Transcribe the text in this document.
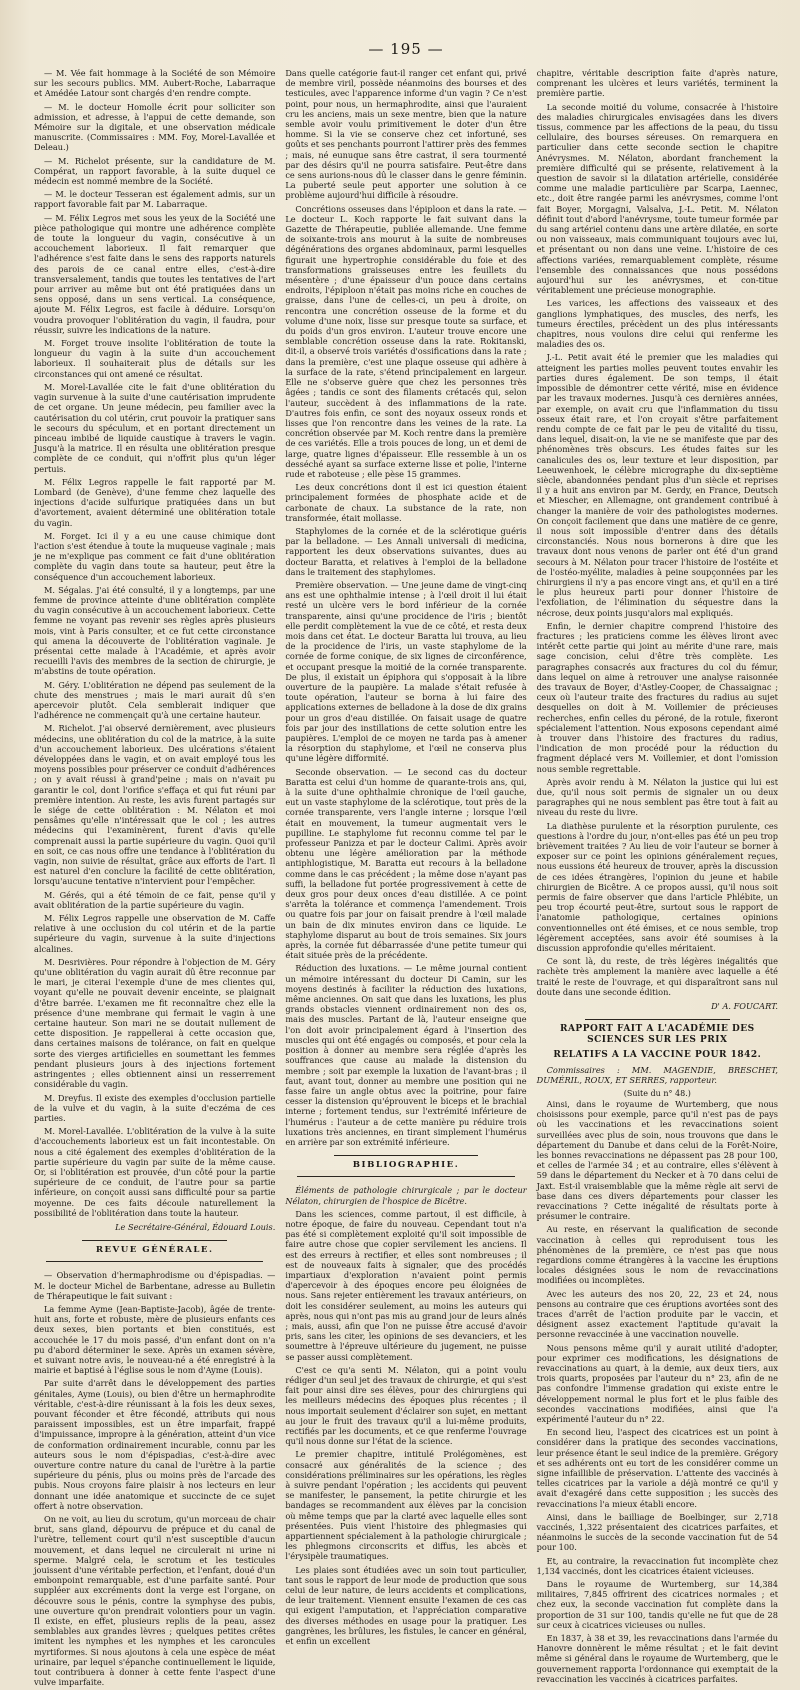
— 195 —

— M. Vée fait hommage à la Société de son Mémoire sur les secours publics. MM. Aubert-Roche, Labarraque et Amédée Latour sont chargés d'en rendre compte.

— M. le docteur Homolle écrit pour solliciter son admission, et adresse, à l'appui de cette demande, son Mémoire sur la digitale, et une observation médicale manuscrite. (Commissaires : MM. Foy, Morel-Lavallée et Deleau.)

— M. Richelot présente, sur la candidature de M. Compérat, un rapport favorable, à la suite duquel ce médecin est nommé membre de la Société.

— M. le docteur Tesseran est également admis, sur un rapport favorable fait par M. Labarraque.

— M. Félix Legros met sous les yeux de la Société une pièce pathologique qui montre une adhérence complète de toute la longueur du vagin, consécutive à un accouchement laborieux. Il fait remarquer que l'adhérence s'est faite dans le sens des rapports naturels des parois de ce canal entre elles, c'est-à-dire transversalement, tandis que toutes les tentatives de l'art pour arriver au même but ont été pratiquées dans un sens opposé, dans un sens vertical. La conséquence, ajoute M. Félix Legros, est facile à déduire. Lorsqu'on voudra provoquer l'oblitération du vagin, il faudra, pour réussir, suivre les indications de la nature.

M. Forget trouve insolite l'oblitération de toute la longueur du vagin à la suite d'un accouchement laborieux. Il souhaiterait plus de détails sur les circonstances qui ont amené ce résultat.

M. Morel-Lavallée cite le fait d'une oblitération du vagin survenue à la suite d'une cautérisation imprudente de cet organe. Un jeune médecin, peu familier avec la cautérisation du col utérin, crut pouvoir la pratiquer sans le secours du spéculum, et en portant directement un pinceau imbibé de liquide caustique à travers le vagin. Jusqu'à la matrice. Il en résulta une oblitération presque complète de ce conduit, qui n'offrit plus qu'un léger pertuis.

M. Félix Legros rappelle le fait rapporté par M. Lombard (de Genève), d'une femme chez laquelle des injections d'acide sulfurique pratiquées dans un but d'avortement, avaient déterminé une oblitération totale du vagin.

M. Forget. Ici il y a eu une cause chimique dont l'action s'est étendue à toute la muqueuse vaginale ; mais je ne m'explique pas comment ce fait d'une oblitération complète du vagin dans toute sa hauteur, peut être la conséquence d'un accouchement laborieux.

M. Ségalas. J'ai été consulté, il y a longtemps, par une femme de province atteinte d'une oblitération complète du vagin consécutive à un accouchement laborieux. Cette femme ne voyant pas revenir ses règles après plusieurs mois, vint à Paris consulter, et ce fut cette circonstance qui amena la découverte de l'oblitération vaginale. Je présentai cette malade à l'Académie, et après avoir recueilli l'avis des membres de la section de chirurgie, je m'abstins de toute opération.

M. Géry. L'oblitération ne dépend pas seulement de la chute des menstrues ; mais le mari aurait dû s'en apercevoir plutôt. Cela semblerait indiquer que l'adhérence ne commençait qu'à une certaine hauteur.

M. Richelot. J'ai observé dernièrement, avec plusieurs médecins, une oblitération du col de la matrice, à la suite d'un accouchement laborieux. Des ulcérations s'étaient développées dans le vagin, et on avait employé tous les moyens possibles pour préserver ce conduit d'adhérences ; on y avait réussi à grand'peine ; mais on n'avait pu garantir le col, dont l'orifice s'effaça et qui fut réuni par première intention. Au reste, les avis furent partagés sur le siége de cette oblitération : M. Nélaton et moi pensâmes qu'elle n'intéressait que le col ; les autres médecins qui l'examinèrent, furent d'avis qu'elle comprenait aussi la partie supérieure du vagin. Quoi qu'il en soit, ce cas nous offre une tendance à l'oblitération du vagin, non suivie de résultat, grâce aux efforts de l'art. Il est naturel d'en conclure la facilité de cette oblitération, lorsqu'aucune tentative n'intervient pour l'empêcher.

M. Gérés, qui a été témoin de ce fait, pense qu'il y avait oblitération de la partie supérieure du vagin.

M. Félix Legros rappelle une observation de M. Caffe relative à une occlusion du col utérin et de la partie supérieure du vagin, survenue à la suite d'injections alcalines.

M. Desrivières. Pour répondre à l'objection de M. Géry qu'une oblitération du vagin aurait dû être reconnue par le mari, je citerai l'exemple d'une de mes clientes qui, voyant qu'elle ne pouvait devenir enceinte, se plaignait d'être barrée. L'examen me fit reconnaître chez elle la présence d'une membrane qui fermait le vagin à une certaine hauteur. Son mari ne se doutait nullement de cette disposition. Je rappellerai à cette occasion que, dans certaines maisons de tolérance, on fait en quelque sorte des vierges artificielles en soumettant les femmes pendant plusieurs jours à des injections fortement astringentes ; elles obtiennent ainsi un resserrement considérable du vagin.

M. Dreyfus. Il existe des exemples d'occlusion partielle de la vulve et du vagin, à la suite d'eczéma de ces parties.

M. Morel-Lavallée. L'oblitération de la vulve à la suite d'accouchements laborieux est un fait incontestable. On nous a cité également des exemples d'oblitération de la partie supérieure du vagin par suite de la même cause. Or, si l'oblitération est prouvée, d'un côté pour la partie supérieure de ce conduit, de l'autre pour sa partie inférieure, on conçoit aussi sans difficulté pour sa partie moyenne. De ces faits découle naturellement la possibilité de l'oblitération dans toute la hauteur.

Le Secrétaire-Général, Édouard Louis.
REVUE GÉNÉRALE.

— Observation d'hermaphrodisme ou d'épispadias. — M. le docteur Michel de Barbentane, adresse au Bulletin de Thérapeutique le fait suivant :

La femme Ayme (Jean-Baptiste-Jacob), âgée de trente-huit ans, forte et robuste, mère de plusieurs enfants ces deux sexes, bien portants et bien constitués, est accouchée le 17 du mois passé, d'un enfant dont on n'a pu d'abord déterminer le sexe. Après un examen sévère, et suivant notre avis, le nouveau-né a été enregistré à la mairie et baptisé à l'église sous le nom d'Ayme (Louis).

Par suite d'arrêt dans le développement des parties génitales, Ayme (Louis), ou bien d'être un hermaphrodite véritable, c'est-à-dire réunissant à la fois les deux sexes, pouvant féconder et être fécondé, attributs qui nous paraissent impossibles, est un être imparfait, frappé d'impuissance, impropre à la génération, atteint d'un vice de conformation ordinairement incurable, connu par les auteurs sous le nom d'épispadias, c'est-à-dire avec ouverture contre nature du canal de l'urètre à la partie supérieure du pénis, plus ou moins près de l'arcade des pubis. Nous croyons faire plaisir à nos lecteurs en leur donnant une idée anatomique et succincte de ce sujet offert à notre observation.

On ne voit, au lieu du scrotum, qu'un morceau de chair brut, sans gland, dépourvu de prépuce et du canal de l'urètre, tellement court qu'il n'est susceptible d'aucun mouvement, et dans lequel ne circulerait ni urine ni sperme. Malgré cela, le scrotum et les testicules jouissent d'une véritable perfection, et l'enfant, doué d'un embonpoint remarquable, est d'une parfaite santé. Pour suppléer aux excréments dont la verge est l'organe, on découvre sous le pénis, contre la symphyse des pubis, une ouverture qu'on prendrait volontiers pour un vagin. Il existe, en effet, plusieurs replis de la peau, assez semblables aux grandes lèvres ; quelques petites crêtes imitent les nymphes et les nymphes et les caroncules myrtiformes. Si nous ajoutons à cela une espèce de méat urinaire, par lequel s'épanche continuellement le liquide, tout contribuera à donner à cette fente l'aspect d'une vulve imparfaite.

Dans quelle catégorie faut-il ranger cet enfant qui, privé de membre viril, possède néanmoins des bourses et des testicules, avec l'apparence informe d'un vagin ? Ce n'est point, pour nous, un hermaphrodite, ainsi que l'auraient cru les anciens, mais un sexe mentre, bien que la nature semble avoir voulu primitivement le doter d'un être homme. Si la vie se conserve chez cet infortuné, ses goûts et ses penchants pourront l'attirer près des femmes ; mais, né eunuque sans être castrat, il sera tourmenté par des désirs qu'il ne pourra satisfaire. Peut-être dans ce sens aurions-nous dû le classer dans le genre féminin. La puberté seule peut apporter une solution à ce problème aujourd'hui difficile à résoudre.

Concrétions osseuses dans l'épiploon et dans la rate. — Le docteur L. Koch rapporte le fait suivant dans la Gazette de Thérapeutie, publiée allemande. Une femme de soixante-trois ans mourut à la suite de nombreuses dégénérations des organes abdominaux, parmi lesquelles figurait une hypertrophie considérable du foie et des transformations graisseuses entre les feuillets du mésentère ; d'une épaisseur d'un pouce dans certains endroits, l'épiploon n'était pas moins riche en couches de graisse, dans l'une de celles-ci, un peu à droite, on rencontra une concrétion osseuse de la forme et du volume d'une noix, lisse sur presque toute sa surface, et du poids d'un gros environ. L'auteur trouve encore une semblable concrétion osseuse dans la rate. Rokitanski, dit-il, a observé trois variétés d'ossifications dans la rate ; dans la première, c'est une plaque osseuse qui adhère à la surface de la rate, s'étend principalement en largeur. Elle ne s'observe guère que chez les personnes très âgées ; tandis ce sont des filaments crétacés qui, selon l'auteur, succèdent à des inflammations de la rate. D'autres fois enfin, ce sont des noyaux osseux ronds et lisses que l'on rencontre dans les veines de la rate. La concrétion observée par M. Koch rentre dans la première de ces variétés. Elle a trois pouces de long, un et demi de large, quatre lignes d'épaisseur. Elle ressemble à un os desséché ayant sa surface externe lisse et polie, l'interne rude et raboteuse ; elle pèse 15 grammes.

Les deux concrétions dont il est ici question étaient principalement formées de phosphate acide et de carbonate de chaux. La substance de la rate, non transformée, était mollasse.

Staphylomes de la cornée et de la sclérotique guéris par la belladone. — Les Annali universali di medicina, rapportent les deux observations suivantes, dues au docteur Baratta, et relatives à l'emploi de la belladone dans le traitement des staphylomes.

Première observation. — Une jeune dame de vingt-cinq ans est une ophthalmie intense ; à l'œil droit il lui était resté un ulcère vers le bord inférieur de la cornée transparente, ainsi qu'une procidence de l'iris ; bientôt elle perdit complètement la vue de ce côté, et resta deux mois dans cet état. Le docteur Baratta lui trouva, au lieu de la procidence de l'iris, un vaste staphylome de la cornée de forme conique, de six lignes de circonférence, et occupant presque la moitié de la cornée transparente. De plus, il existait un épiphora qui s'opposait à la libre ouverture de la paupière. La malade s'était refusée à toute opération, l'auteur se borna à lui faire des applications externes de belladone à la dose de dix grains pour un gros d'eau distillée. On faisait usage de quatre fois par jour des instillations de cette solution entre les paupières. L'emploi de ce moyen ne tarda pas à amener la résorption du staphylome, et l'œil ne conserva plus qu'une légère difformité.

Seconde observation. — Le second cas du docteur Baratta est celui d'un homme de quarante-trois ans, qui, à la suite d'une ophthalmie chronique de l'œil gauche, eut un vaste staphylome de la sclérotique, tout près de la cornée transparente, vers l'angle interne ; lorsque l'œil était en mouvement, la tumeur augmentait vers le pupilline. Le staphylome fut reconnu comme tel par le professeur Panizza et par le docteur Calimi. Après avoir obtenu une légère amélioration par la méthode antiphlogistique, M. Baratta eut recours à la belladone comme dans le cas précédent ; la même dose n'ayant pas suffi, la belladone fut portée progressivement à cette de deux gros pour deux onces d'eau distillée. A ce point s'arrêta la tolérance et commença l'amendement. Trois ou quatre fois par jour on faisait prendre à l'œil malade un bain de dix minutes environ dans ce liquide. Le staphylome disparut au bout de trois semaines. Six jours après, la cornée fut débarrassée d'une petite tumeur qui était située près de la précédente.

Réduction des luxations. — Le même journal contient un mémoire intéressant du docteur Di Camin, sur les moyens destinés à faciliter la réduction des luxations, même anciennes. On sait que dans les luxations, les plus grands obstacles viennent ordinairement non des os, mais des muscles. Partant de là, l'auteur enseigne que l'on doit avoir principalement égard à l'insertion des muscles qui ont été engagés ou composés, et pour cela la position à donner au membre sera réglée d'après les souffrances que cause au malade la distension du membre ; soit par exemple la luxation de l'avant-bras ; il faut, avant tout, donner au membre une position qui ne fasse faire un angle obtus avec la poitrine, pour faire cesser la distension qu'éprouvent le biceps et le brachial interne ; fortement tendus, sur l'extrémité inférieure de l'humérus : l'auteur a de cette manière pu réduire trois luxations très anciennes, en tirant simplement l'humérus en arrière par son extrémité inférieure.

BIBLIOGRAPHIE.

Éléments de pathologie chirurgicale ; par le docteur Nélaton, chirurgien de l'hospice de Bicêtre.

Dans les sciences, comme partout, il est difficile, à notre époque, de faire du nouveau. Cependant tout n'a pas été si complètement exploité qu'il soit impossible de faire autre chose que copier servilement les anciens. Il est des erreurs à rectifier, et elles sont nombreuses ; il est de nouveaux faits à signaler, que des procédés impartiaux d'exploration n'avaient point permis d'apercevoir à des époques encore peu éloignées de nous. Sans rejeter entièrement les travaux antérieurs, on doit les considérer seulement, au moins les auteurs qui après, nous qui n'ont pas mis au grand jour de leurs aînés ; mais, aussi, afin que l'on ne puisse être accusé d'avoir pris, sans les citer, les opinions de ses devanciers, et les soumettre à l'épreuve ultérieure du jugement, ne puisse se passer aussi complètement.

C'est ce qu'a senti M. Nélaton, qui a point voulu rédiger d'un seul jet des travaux de chirurgie, et qui s'est fait pour ainsi dire ses élèves, pour des chirurgiens qui les meilleurs médecins des époques plus récentes ; il nous importait seulement d'éclairer son sujet, en mettant au jour le fruit des travaux qu'il a lui-même produits, rectifiés par les documents, et ce que renferme l'ouvrage qu'il nous donne sur l'état de la science.

Le premier chapitre, intitulé Prolégomènes, est consacré aux généralités de la science ; des considérations préliminaires sur les opérations, les règles à suivre pendant l'opération ; les accidents qui peuvent se manifester, le pansement, la petite chirurgie et les bandages se recommandent aux élèves par la concision où même temps que par la clarté avec laquelle elles sont présentées. Puis vient l'histoire des phlegmasies qui appartiennent spécialement à la pathologie chirurgicale ; les phlegmons circonscrits et diffus, les abcès et l'érysipèle traumatiques.

Les plaies sont étudiées avec un soin tout particulier, tant sous le rapport de leur mode de production que sous celui de leur nature, de leurs accidents et complications, de leur traitement. Viennent ensuite l'examen de ces cas qui exigent l'amputation, et l'appréciation comparative des diverses méthodes en usage pour la pratiquer. Les gangrènes, les brûlures, les fistules, le cancer en général, et enfin un excellent

chapitre, véritable description faite d'après nature, comprenant les ulcères et leurs variétés, terminent la première partie.

La seconde moitié du volume, consacrée à l'histoire des maladies chirurgicales envisagées dans les divers tissus, commence par les affections de la peau, du tissu cellulaire, des bourses séreuses. On remarquera en particulier dans cette seconde section le chapitre Anévrysmes. M. Nélaton, abordant franchement la première difficulté qui se présente, relativement à la question de savoir si la dilatation artérielle, considérée comme une maladie particulière par Scarpa, Laennec, etc., doit être rangée parmi les anévrysmes, comme l'ont fait Boyer, Morgagni, Valsalva, J.-L. Petit. M. Nélaton définit tout d'abord l'anévrysme, toute tumeur formée par du sang artériel contenu dans une artère dilatée, en sorte ou non vaisseaux, mais communiquant toujours avec lui, et présentant ou non dans une veine. L'histoire de ces affections variées, remarquablement complète, résume l'ensemble des connaissances que nous possédons aujourd'hui sur les anévrysmes, et con-titue véritablement une précieuse monographie.

Les varices, les affections des vaisseaux et des ganglions lymphatiques, des muscles, des nerfs, les tumeurs érectiles, précèdent un des plus intéressants chapitres, nous voulons dire celui qui renferme les maladies des os.

J.-L. Petit avait été le premier que les maladies qui atteignent les parties molles peuvent toutes envahir les parties dures également. De son temps, il était impossible de démontrer cette vérité, mise en évidence par les travaux modernes. Jusqu'à ces dernières années, par exemple, on avait cru que l'inflammation du tissu osseux était rare, et l'on croyait s'être parfaitement rendu compte de ce fait par le peu de vitalité du tissu, dans lequel, disait-on, la vie ne se manifeste que par des phénomènes très obscurs. Les études faites sur les canalicules des os, leur texture et leur disposition, par Leeuwenhoek, le célèbre micrographe du dix-septième siècle, abandonnées pendant plus d'un siècle et reprises il y a huit ans environ par M. Gerdy, en France, Deutsch et Miescher, en Allemagne, ont grandement contribué à changer la manière de voir des pathologistes modernes. On conçoit facilement que dans une matière de ce genre, il nous soit impossible d'entrer dans des détails circonstanciés. Nous nous bornerons à dire que les travaux dont nous venons de parler ont été d'un grand secours à M. Nélaton pour tracer l'histoire de l'ostéite et de l'ostéo-myélite, maladies à peine soupçonnées par les chirurgiens il n'y a pas encore vingt ans, et qu'il en a tiré le plus heureux parti pour donner l'histoire de l'exfoliation, de l'élimination du séquestre dans la nécrose, deux points jusqu'alors mal expliqués.

Enfin, le dernier chapitre comprend l'histoire des fractures ; les praticiens comme les élèves liront avec intérêt cette partie qui joint au mérite d'une rare, mais sage concision, celui d'être très complète. Les paragraphes consacrés aux fractures du col du fémur, dans lequel on aime à retrouver une analyse raisonnée des travaux de Boyer, d'Astley-Cooper, de Chassaignac ; ceux où l'auteur traite des fractures du radius au sujet desquelles on doit à M. Voillemier de précieuses recherches, enfin celles du péroné, de la rotule, fixeront spécialement l'attention. Nous exposons cependant aimé à trouver dans l'histoire des fractures du radius, l'indication de mon procédé pour la réduction du fragment déplacé vers M. Voillemier, et dont l'omission nous semble regrettable.

Après avoir rendu à M. Nélaton la justice qui lui est due, qu'il nous soit permis de signaler un ou deux paragraphes qui ne nous semblent pas être tout à fait au niveau du reste du livre.

La diathèse purulente et la résorption purulente, ces questions à l'ordre du jour, n'ont-elles pas été un peu trop brièvement traitées ? Au lieu de voir l'auteur se borner à exposer sur ce point les opinions généralement reçues, nous eussions été heureux de trouver, après la discussion de ces idées étrangères, l'opinion du jeune et habile chirurgien de Bicêtre. A ce propos aussi, qu'il nous soit permis de faire observer que dans l'article Phlébite, un peu trop écourté peut-être, surtout sous le rapport de l'anatomie pathologique, certaines opinions conventionnelles ont été émises, et ce nous semble, trop légèrement acceptées, sans avoir été soumises à la discussion approfondie qu'elles méritaient.

Ce sont là, du reste, de très légères inégalités que rachète très amplement la manière avec laquelle a été traité le reste de l'ouvrage, et qui disparaîtront sans nul doute dans une seconde édition.

D' A. FOUCART.
RAPPORT FAIT A L'ACADÉMIE DES SCIENCES SUR LES PRIX
RELATIFS A LA VACCINE POUR 1842.

Commissaires : MM. MAGENDIE, BRESCHET, DUMÉRIL, ROUX, ET SERRES, rapporteur.

(Suite du n° 48.)

Ainsi, dans le royaume de Wurtemberg, que nous choisissons pour exemple, parce qu'il n'est pas de pays où les vaccinations et les revaccinations soient surveillées avec plus de soin, nous trouvons que dans le département du Danube et dans celui de la Forêt-Noire, les bonnes revaccinations ne dépassent pas 28 pour 100, et celles de l'armée 34 ; et au contraire, elles s'élèvent à 59 dans le département du Necker et à 70 dans celui de Jaxt. Est-il vraisemblable que la même règle ait servi de base dans ces divers départements pour classer les revaccinations ? Cette inégalité de résultats porte à présumer le contraire.

Au reste, en réservant la qualification de seconde vaccination à celles qui reproduisent tous les phénomènes de la première, ce n'est pas que nous regardions comme étrangères à la vaccine les éruptions locales désignées sous le nom de revaccinations modifiées ou incomplètes.

Avec les auteurs des nos 20, 22, 23 et 24, nous pensons au contraire que ces éruptions avortées sont des traces d'arrêt de l'action produite par le vaccin, et désignent assez exactement l'aptitude qu'avait la personne revaccinée à une vaccination nouvelle.

Nous pensons même qu'il y aurait utilité d'adopter, pour exprimer ces modifications, les désignations de revaccinations au quart, à la demie, aux deux tiers, aux trois quarts, proposées par l'auteur du n° 23, afin de ne pas confondre l'immense gradation qui existe entre le développement normal le plus fort et le plus faible des secondes vaccinations modifiées, ainsi que l'a expérimenté l'auteur du n° 22.

En second lieu, l'aspect des cicatrices est un point à considérer dans la pratique des secondes vaccinations, leur présence étant le seul indice de la première. Grégory et ses adhérents ont eu tort de les considérer comme un signe infaillible de préservation. L'attente des vaccinés à telles cicatrices par la variole a déjà montré ce qu'il y avait d'exagéré dans cette supposition ; les succès des revaccinations l'a mieux établi encore.

Ainsi, dans le bailliage de Boelbinger, sur 2,718 vaccinés, 1,322 présentaient des cicatrices parfaites, et néanmoins le succès de la seconde vaccination fut de 54 pour 100.

Et, au contraire, la revaccination fut incomplète chez 1,134 vaccinés, dont les cicatrices étaient vicieuses.

Dans le royaume de Wurtemberg, sur 14,384 militaires, 7,845 offrirent des cicatrices normales ; et chez eux, la seconde vaccination fut complète dans la proportion de 31 sur 100, tandis qu'elle ne fut que de 28 sur ceux à cicatrices vicieuses ou nulles.

En 1837, à 38 et 39, les revaccinations dans l'armée du Hanovre donnèrent le même résultat ; et le fait devint même si général dans le royaume de Wurtemberg, que le gouvernement rapporta l'ordonnance qui exemptait de la revaccination les vaccinés à cicatrices parfaites.
